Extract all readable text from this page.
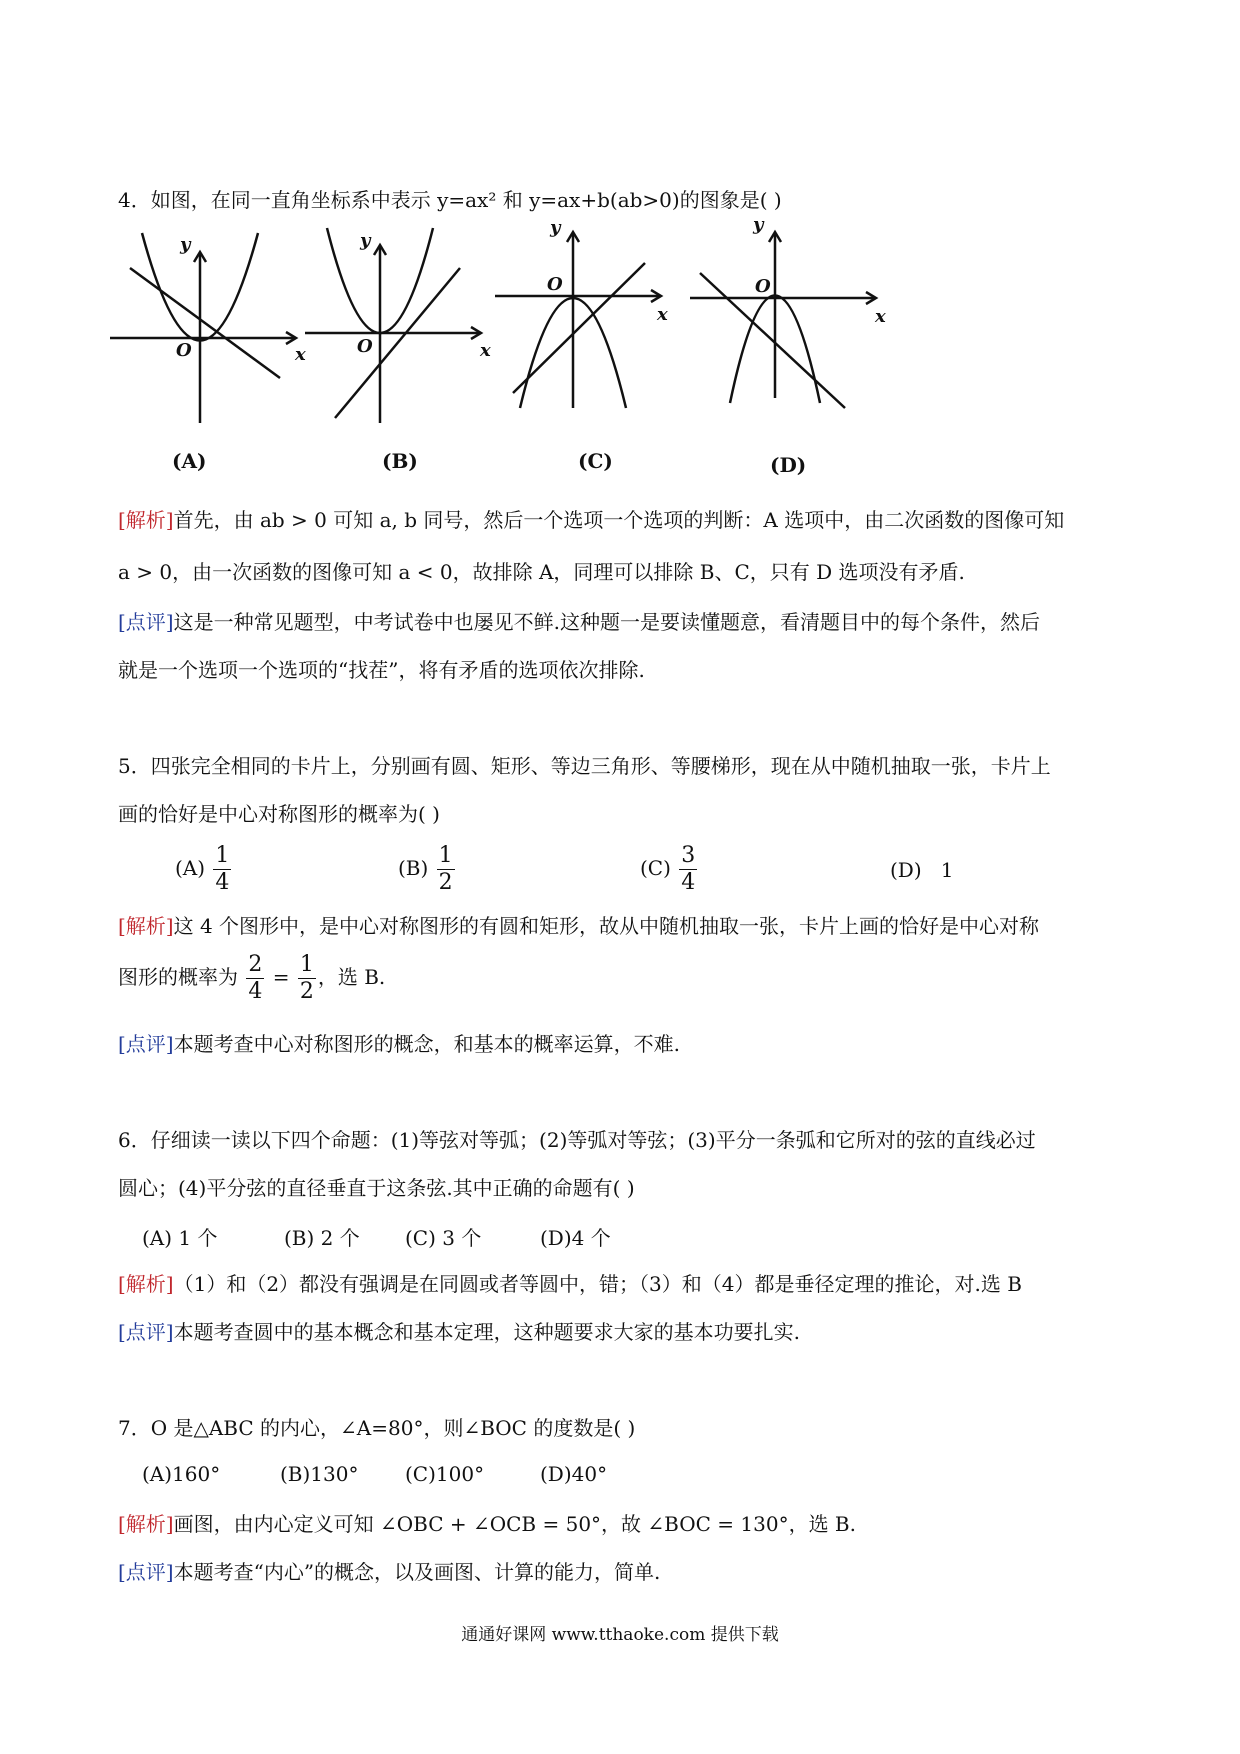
4．如图，在同一直角坐标系中表示 y=ax² 和 y=ax+b(ab>0)的图象是( )
y
x
O
y
x
O
y
x
O
y
x
O
(A)	(B)	(C)	(D)
[解析]首先，由 ab > 0 可知 a, b 同号，然后一个选项一个选项的判断：A 选项中，由二次函数的图像可知
a > 0，由一次函数的图像可知 a < 0，故排除 A，同理可以排除 B、C，只有 D 选项没有矛盾.
[点评]这是一种常见题型，中考试卷中也屡见不鲜.这种题一是要读懂题意，看清题目中的每个条件，然后
就是一个选项一个选项的“找茬”，将有矛盾的选项依次排除.
5．四张完全相同的卡片上，分别画有圆、矩形、等边三角形、等腰梯形，现在从中随机抽取一张，卡片上
画的恰好是中心对称图形的概率为( )
$(A) \frac{1}{4}$	$(B) \frac{1}{2}$	$(C) \frac{3}{4}$	(D) 1
[解析]这 4 个图形中，是中心对称图形的有圆和矩形，故从中随机抽取一张，卡片上画的恰好是中心对称
图形的概率为 $\frac{2}{4} = \frac{1}{2}$ ，选 B.
[点评]本题考查中心对称图形的概念，和基本的概率运算，不难.
6．仔细读一读以下四个命题：(1)等弦对等弧；(2)等弧对等弦；(3)平分一条弧和它所对的弦的直线必过
圆心；(4)平分弦的直径垂直于这条弦.其中正确的命题有( )
(A) 1 个	(B) 2 个 (C) 3 个	(D)4 个
[解析]（1）和（2）都没有强调是在同圆或者等圆中，错；（3）和（4）都是垂径定理的推论，对.选 B
[点评]本题考查圆中的基本概念和基本定理，这种题要求大家的基本功要扎实.
7．O 是△ABC 的内心，∠A=80°，则∠BOC 的度数是( )
(A)160°	(B)130° (C)100°	(D)40°
[解析]画图，由内心定义可知 ∠OBC + ∠OCB = 50°，故 ∠BOC = 130°，选 B.
[点评]本题考查“内心”的概念，以及画图、计算的能力，简单.
通通好课网 www.tthaoke.com 提供下载
